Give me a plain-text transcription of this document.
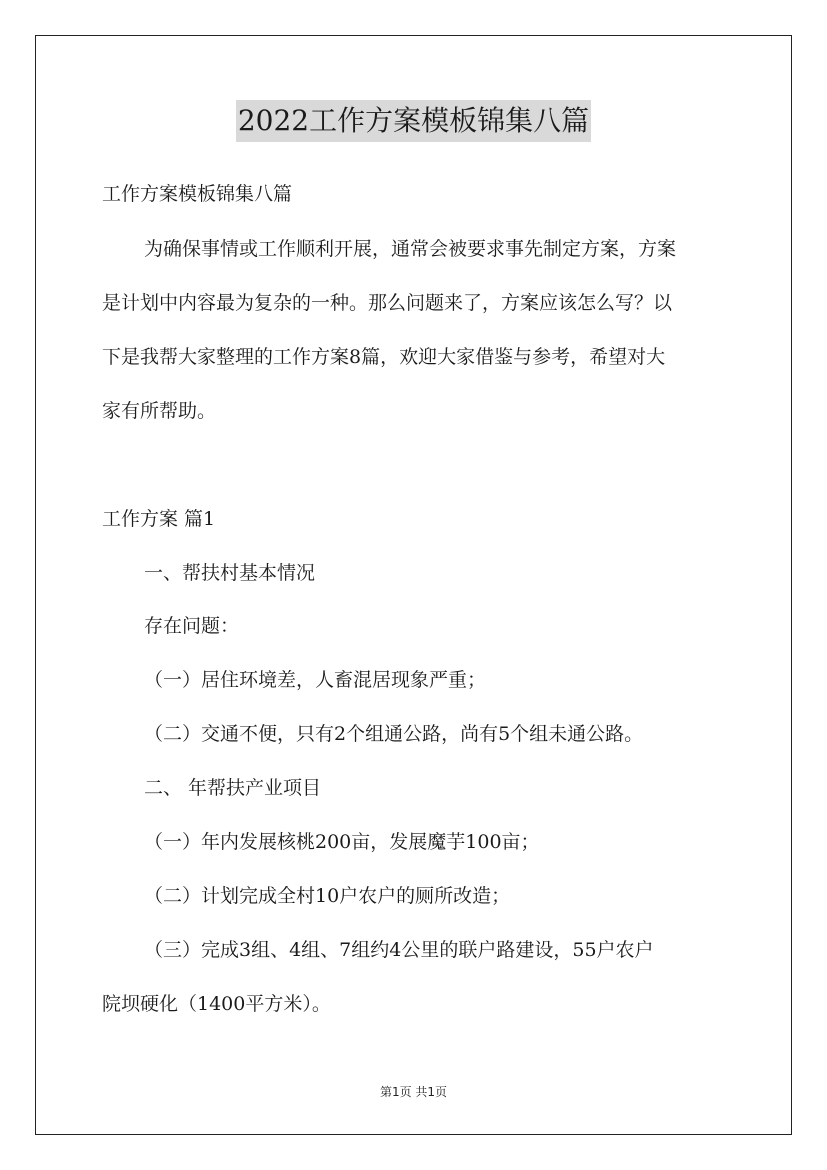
2022工作方案模板锦集八篇

工作方案模板锦集八篇

为确保事情或工作顺利开展，通常会被要求事先制定方案，方案

是计划中内容最为复杂的一种。那么问题来了，方案应该怎么写？以

下是我帮大家整理的工作方案8篇，欢迎大家借鉴与参考，希望对大

家有所帮助。

工作方案 篇1

一、帮扶村基本情况

存在问题：

（一）居住环境差，人畜混居现象严重；

（二）交通不便，只有2个组通公路，尚有5个组未通公路。

二、 年帮扶产业项目

（一）年内发展核桃200亩，发展魔芋100亩；

（二）计划完成全村10户农户的厕所改造；

（三）完成3组、4组、7组约4公里的联户路建设，55户农户

院坝硬化（1400平方米）。

第1页 共1页
